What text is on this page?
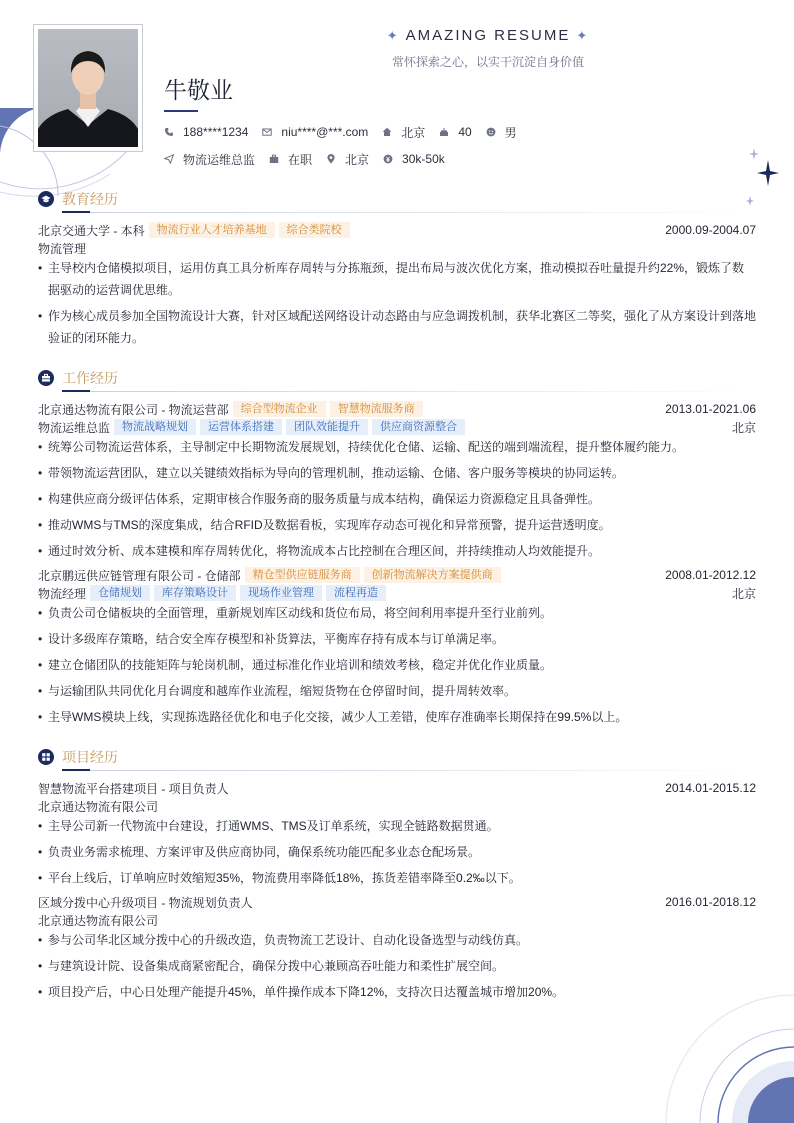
✦ AMAZING RESUME ✦
常怀探索之心，以实干沉淀自身价值
牛敬业
188****1234	niu****@***.com	北京	40	男
物流运维总监	在职	北京	30k-50k
教育经历
北京交通大学 - 本科	物流行业人才培养基地	综合类院校	2000.09-2004.07
物流管理
• 主导校内仓储模拟项目，运用仿真工具分析库存周转与分拣瓶颈，提出布局与波次优化方案，推动模拟吞吐量提升约22%，锻炼了数据驱动的运营调优思维。
• 作为核心成员参加全国物流设计大赛，针对区域配送网络设计动态路由与应急调拨机制，获华北赛区二等奖，强化了从方案设计到落地验证的闭环能力。
工作经历
北京通达物流有限公司 - 物流运营部	综合型物流企业	智慧物流服务商	2013.01-2021.06
物流运维总监	物流战略规划	运营体系搭建	团队效能提升	供应商资源整合	北京
• 统筹公司物流运营体系，主导制定中长期物流发展规划，持续优化仓储、运输、配送的端到端流程，提升整体履约能力。
• 带领物流运营团队，建立以关键绩效指标为导向的管理机制，推动运输、仓储、客户服务等模块的协同运转。
• 构建供应商分级评估体系，定期审核合作服务商的服务质量与成本结构，确保运力资源稳定且具备弹性。
• 推动WMS与TMS的深度集成，结合RFID及数据看板，实现库存动态可视化和异常预警，提升运营透明度。
• 通过时效分析、成本建模和库存周转优化，将物流成本占比控制在合理区间，并持续推动人均效能提升。
北京鹏远供应链管理有限公司 - 仓储部	精仓型供应链服务商	创新物流解决方案提供商	2008.01-2012.12
物流经理	仓储规划	库存策略设计	现场作业管理	流程再造	北京
• 负责公司仓储板块的全面管理，重新规划库区动线和货位布局，将空间利用率提升至行业前列。
• 设计多级库存策略，结合安全库存模型和补货算法，平衡库存持有成本与订单满足率。
• 建立仓储团队的技能矩阵与轮岗机制，通过标准化作业培训和绩效考核，稳定并优化作业质量。
• 与运输团队共同优化月台调度和越库作业流程，缩短货物在仓停留时间，提升周转效率。
• 主导WMS模块上线，实现拣选路径优化和电子化交接，减少人工差错，使库存准确率长期保持在99.5%以上。
项目经历
智慧物流平台搭建项目 - 项目负责人	2014.01-2015.12
北京通达物流有限公司
• 主导公司新一代物流中台建设，打通WMS、TMS及订单系统，实现全链路数据贯通。
• 负责业务需求梳理、方案评审及供应商协同，确保系统功能匹配多业态仓配场景。
• 平台上线后，订单响应时效缩短35%，物流费用率降低18%，拣货差错率降至0.2‰以下。
区域分拨中心升级项目 - 物流规划负责人	2016.01-2018.12
北京通达物流有限公司
• 参与公司华北区域分拨中心的升级改造，负责物流工艺设计、自动化设备选型与动线仿真。
• 与建筑设计院、设备集成商紧密配合，确保分拨中心兼顾高吞吐能力和柔性扩展空间。
• 项目投产后，中心日处理产能提升45%，单件操作成本下降12%，支持次日达覆盖城市增加20%。
